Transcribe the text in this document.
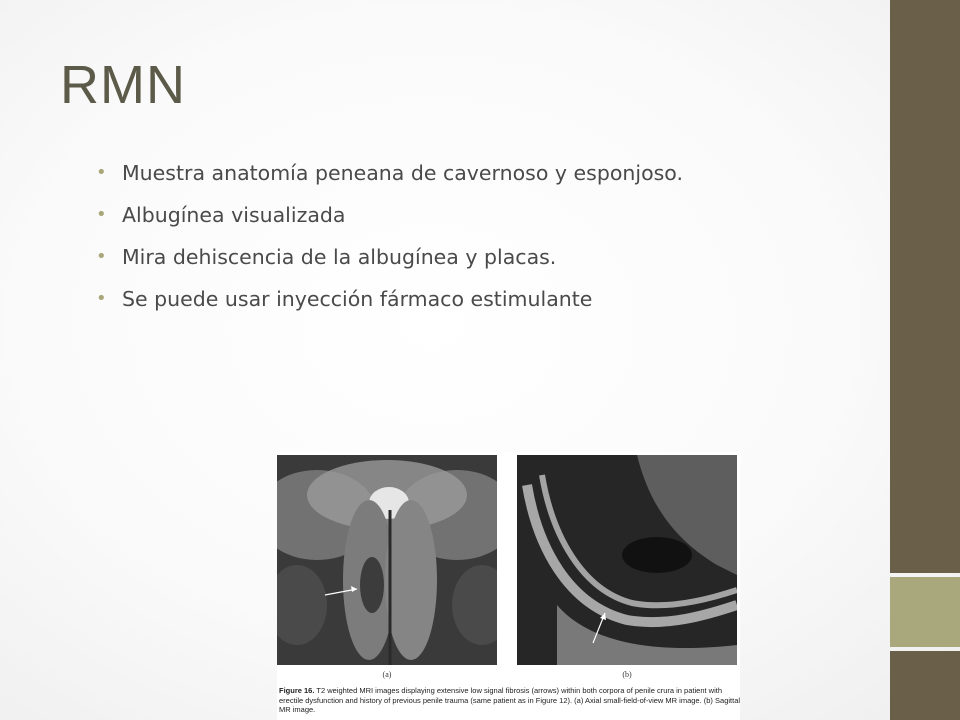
RMN
• Muestra anatomía peneana de cavernoso y esponjoso.
• Albugínea visualizada
• Mira dehiscencia de la albugínea y placas.
• Se puede usar inyección fármaco estimulante
(a)	(b)
Figure 16. T2 weighted MRI images displaying extensive low signal fibrosis (arrows) within both corpora of penile crura in patient with erectile dysfunction and history of previous penile trauma (same patient as in Figure 12). (a) Axial small-field-of-view MR image. (b) Sagittal MR image.
